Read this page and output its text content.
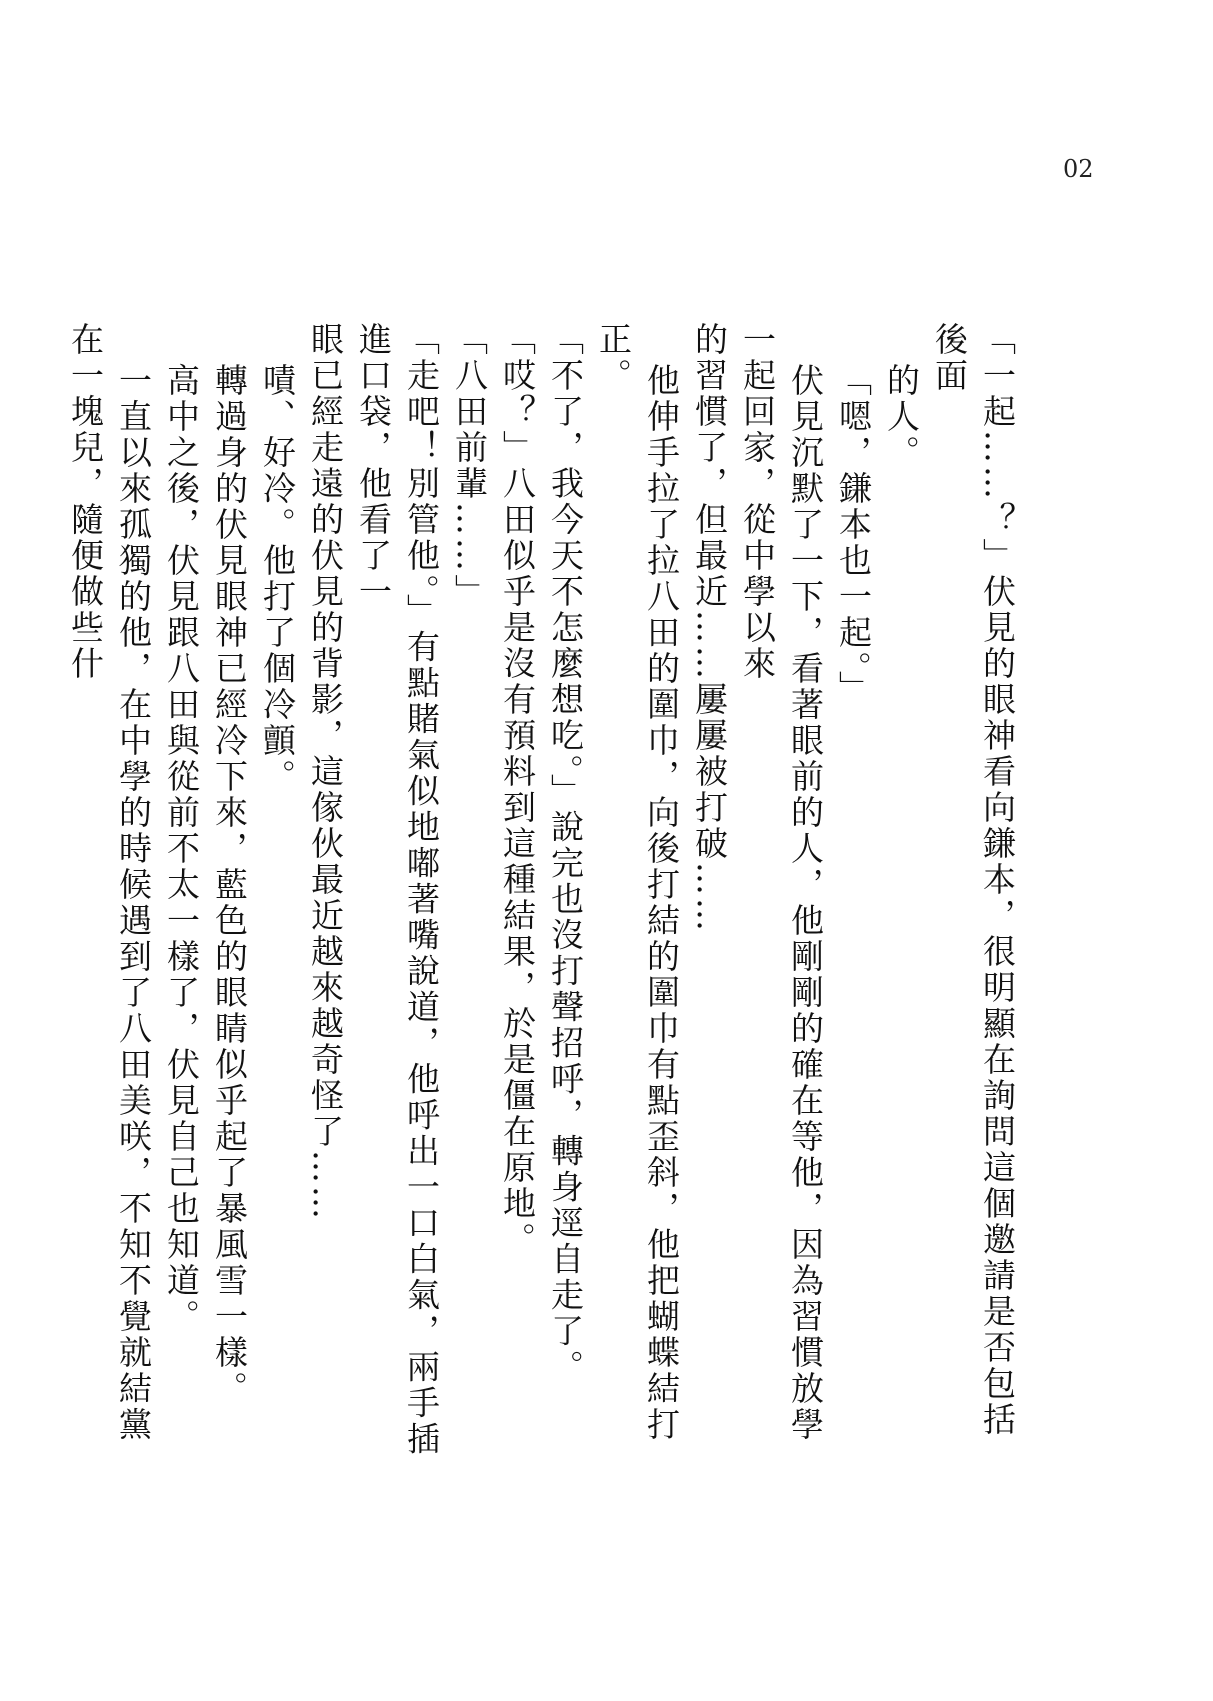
02

「一起……？」伏見的眼神看向鎌本，很明顯在詢問這個邀請是否包括後面

的人。

「嗯，鎌本也一起。」

伏見沉默了一下，看著眼前的人，他剛剛的確在等他，因為習慣放學一起回家，從中學以來

的習慣了，但最近……屢屢被打破……

他伸手拉了拉八田的圍巾，向後打結的圍巾有點歪斜，他把蝴蝶結打正。

「不了，我今天不怎麼想吃。」說完也沒打聲招呼，轉身逕自走了。

「哎？」八田似乎是沒有預料到這種結果，於是僵在原地。

「八田前輩……」

「走吧！別管他。」有點賭氣似地嘟著嘴說道，他呼出一口白氣，兩手插進口袋，他看了一

眼已經走遠的伏見的背影，這傢伙最近越來越奇怪了……

嘖、好冷。他打了個冷顫。

轉過身的伏見眼神已經冷下來，藍色的眼睛似乎起了暴風雪一樣。

高中之後，伏見跟八田與從前不太一樣了，伏見自己也知道。

一直以來孤獨的他，在中學的時候遇到了八田美咲，不知不覺就結黨在一塊兒，隨便做些什
